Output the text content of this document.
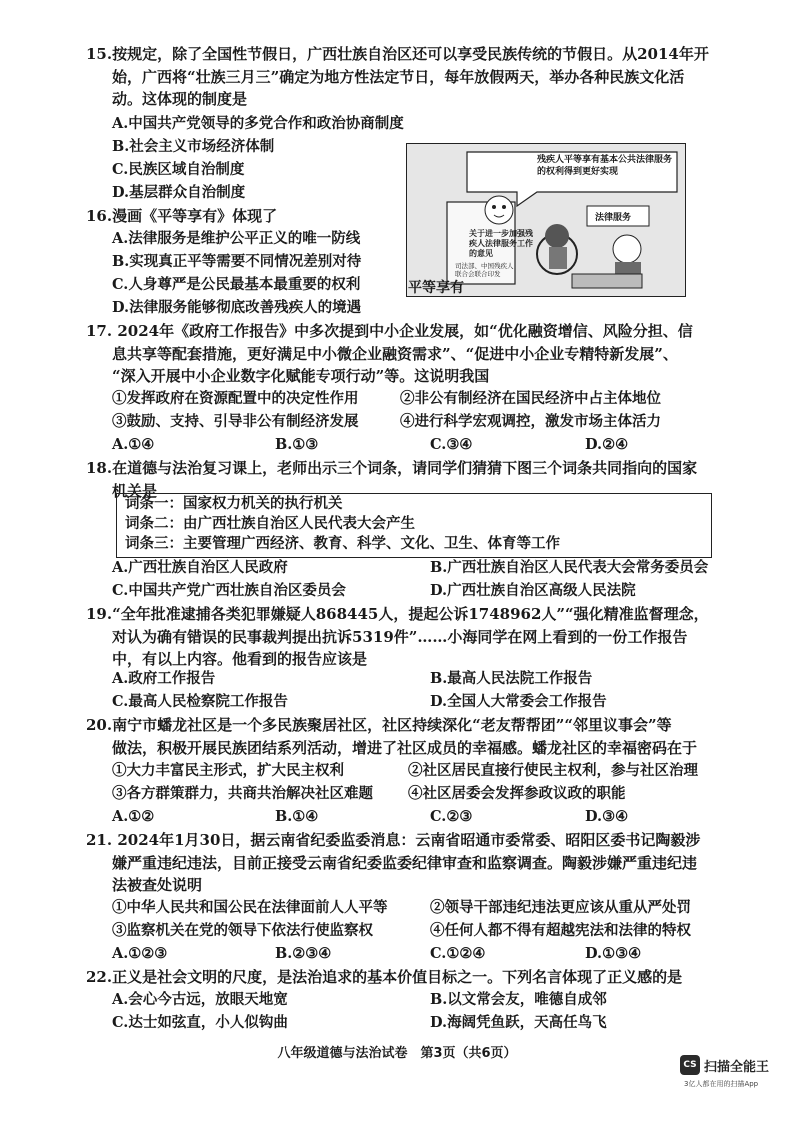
15.按规定，除了全国性节假日，广西壮族自治区还可以享受民族传统的节假日。从2014年开
始，广西将“壮族三月三”确定为地方性法定节日，每年放假两天，举办各种民族文化活
动。这体现的制度是
A.中国共产党领导的多党合作和政治协商制度
B.社会主义市场经济体制
C.民族区域自治制度
D.基层群众自治制度
16.漫画《平等享有》体现了
A.法律服务是维护公平正义的唯一防线
B.实现真正平等需要不同情况差别对待
C.人身尊严是公民最基本最重要的权利
D.法律服务能够彻底改善残疾人的境遇
残疾人平等享有基本公共法律服务的权利得到更好实现
关于进一步加强残疾人法律服务工作的意见
司法部、中国残疾人联合会联合印发
法律服务
平等享有
17. 2024年《政府工作报告》中多次提到中小企业发展，如“优化融资增信、风险分担、信
息共享等配套措施，更好满足中小微企业融资需求”、“促进中小企业专精特新发展”、
“深入开展中小企业数字化赋能专项行动”等。这说明我国
①发挥政府在资源配置中的决定性作用	②非公有制经济在国民经济中占主体地位
③鼓励、支持、引导非公有制经济发展	④进行科学宏观调控，激发市场主体活力
A.①④	B.①③	C.③④	D.②④
18.在道德与法治复习课上，老师出示三个词条，请同学们猜猜下图三个词条共同指向的国家
机关是
词条一：国家权力机关的执行机关
词条二：由广西壮族自治区人民代表大会产生
词条三：主要管理广西经济、教育、科学、文化、卫生、体育等工作
A.广西壮族自治区人民政府	B.广西壮族自治区人民代表大会常务委员会
C.中国共产党广西壮族自治区委员会	D.广西壮族自治区高级人民法院
19.“全年批准逮捕各类犯罪嫌疑人868445人，提起公诉1748962人”“强化精准监督理念，
对认为确有错误的民事裁判提出抗诉5319件”……小海同学在网上看到的一份工作报告
中，有以上内容。他看到的报告应该是
A.政府工作报告	B.最高人民法院工作报告
C.最高人民检察院工作报告	D.全国人大常委会工作报告
20.南宁市蟠龙社区是一个多民族聚居社区，社区持续深化“老友帮帮团”“邻里议事会”等
做法，积极开展民族团结系列活动，增进了社区成员的幸福感。蟠龙社区的幸福密码在于
①大力丰富民主形式，扩大民主权利	②社区居民直接行使民主权利，参与社区治理
③各方群策群力，共商共治解决社区难题 ④社区居委会发挥参政议政的职能
A.①②	B.①④	C.②③	D.③④
21. 2024年1月30日，据云南省纪委监委消息：云南省昭通市委常委、昭阳区委书记陶毅涉
嫌严重违纪违法，目前正接受云南省纪委监委纪律审查和监察调查。陶毅涉嫌严重违纪违
法被查处说明
①中华人民共和国公民在法律面前人人平等	②领导干部违纪违法更应该从重从严处罚
③监察机关在党的领导下依法行使监察权	④任何人都不得有超越宪法和法律的特权
A.①②③	B.②③④	C.①②④	D.①③④
22.正义是社会文明的尺度，是法治追求的基本价值目标之一。下列名言体现了正义感的是
A.会心今古远，放眼天地宽	B.以文常会友，唯德自成邻
C.达士如弦直，小人似钩曲	D.海阔凭鱼跃，天高任鸟飞
八年级道德与法治试卷　第3页（共6页）
CS 扫描全能王
3亿人都在用的扫描App
